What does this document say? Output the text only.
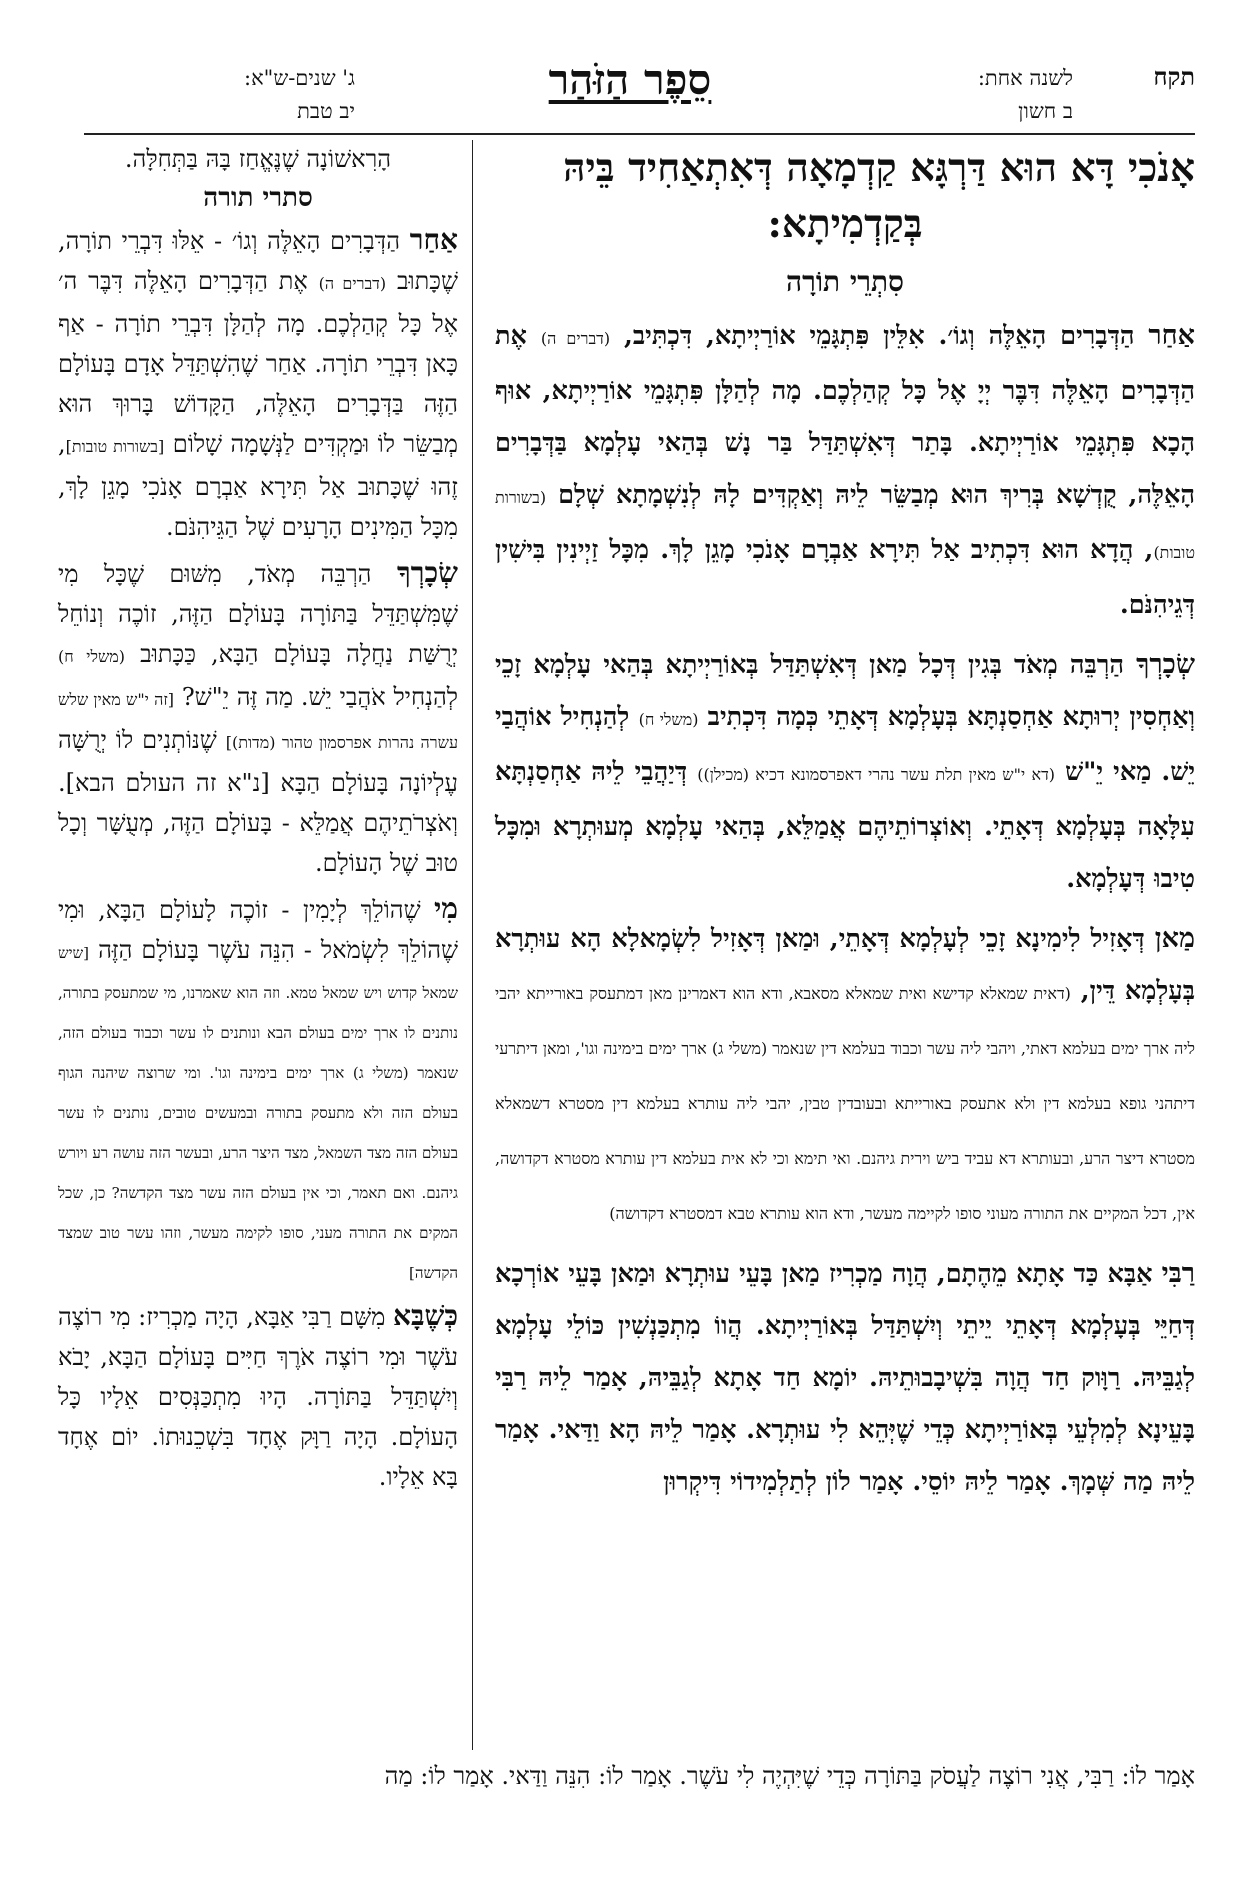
תקח
לשנה אחת:
ב חשון
סֵפֶר הַזֹּהַר
ג' שנים-ש"א:
יב טבת
אָנֹכִי דָּא הוּא דַּרְגָּא קַדְמָאָה דְּאִתְאַחִיד בֵּיהּ
בְּקַדְמִיתָא:
סִתְרֵי תוֹרָה

אַחַר הַדְּבָרִים הָאֵלֶּה וְגוֹ׳. אִלֵּין פִּתְגָּמֵי אוֹרַיְיתָא, דִּכְתִּיב, (דברים ה) אֶת הַדְּבָרִים הָאֵלֶּה דִּבֶּר יְיָ אֶל כָּל קְהַלְכֶם. מָה לְהַלָּן פִּתְגָּמֵי אוֹרַיְיתָא, אוּף הָכָא פִּתְגָּמֵי אוֹרַיְיתָא. בָּתַר דְּאִשְׁתַּדַּל בַּר נָשׁ בְּהַאי עָלְמָא בַּדְּבָרִים הָאֵלֶּה, קֻדְשָׁא בְּרִיךְ הוּא מְבַשֵּׂר לֵיהּ וְאַקְדִּים לָהּ לְנִשְׁמָתָא שְׁלָם (בשורות טובות), הֲדָא הוּא דִּכְתִיב אַל תִּירָא אַבְרָם אָנֹכִי מָגֵן לָךְ. מִכָּל זַיְינִין בִּישִׁין דְּגֵיהִנֹּם.

שְׂכָרְךָ הַרְבֵּה מְאֹד בְּגִין דְּכָל מַאן דְּאִשְׁתַּדַּל בְּאוֹרַיְיתָא בְּהַאי עָלְמָא זָכֵי וְאַחְסִין יְרוּתָא אַחְסַנְתָּא בְּעָלְמָא דְּאָתֵי כְּמָה דִּכְתִיב (משלי ח) לְהַנְחִיל אוֹהֲבַי יֵשׁ. מַאי יֵ"שׁ (דא י"ש מאין תלת עשר נהרי דאפרסמונא דכיא (מכילן)) דְּיַהֲבֵי לֵיהּ אַחְסַנְתָּא עִלָּאָה בְּעָלְמָא דְּאָתֵי. וְאוֹצְרוֹתֵיהֶם אֲמַלֵּא, בְּהַאי עָלְמָא מְעוּתְרָא וּמִכָּל טִיבוּ דְּעָלְמָא.

מַאן דְּאָזִיל לִימִינָא זָכֵי לְעָלְמָא דְּאָתֵי, וּמַאן דְּאָזִיל לִשְׂמָאלָא הָא עוּתְרָא בְּעָלְמָא דֵּין, (דאית שמאלא קדישא ואית שמאלא מסאבא, ודא הוא דאמרינן מאן דמתעסק באורייתא יהבי ליה ארך ימים בעלמא דאתי, ויהבי ליה עשר וכבוד בעלמא דין שנאמר (משלי ג) ארך ימים בימינה וגו', ומאן דיתרעי דיתהני גופא בעלמא דין ולא אתעסק באורייתא ובעובדין טבין, יהבי ליה עותרא בעלמא דין מסטרא דשמאלא מסטרא דיצר הרע, ובעותרא דא עביד ביש וירית גיהנם. ואי תימא וכי לא אית בעלמא דין עותרא מסטרא דקדושה, אין, דכל המקיים את התורה מעוני סופו לקיימה מעשר, ודא הוא עותרא טבא דמסטרא דקדושה)

רַבִּי אַבָּא כַּד אָתָא מֵהֶתָם, הֲוָה מַכְרִיז מַאן בָּעֵי עוּתְרָא וּמַאן בָּעֵי אוֹרְכָא דְּחַיֵּי בְּעָלְמָא דְּאָתֵי יֵיתֵי וְיִשְׁתַּדַּל בְּאוֹרַיְיתָא. הֲווֹ מִתְכַּנְשִׁין כּוֹלֵי עָלְמָא לְגַבֵּיהּ. רַוָּוק חַד הֲוָה בִּשְׁיבָבוּתֵיהּ. יוֹמָא חַד אָתָא לְגַבֵּיהּ, אָמַר לֵיהּ רַבִּי בָּעֵינָא לְמִלְעֵי בְּאוֹרַיְיתָא כְּדֵי שֶׁיְּהֵא לִי עוּתְרָא. אָמַר לֵיהּ הָא וַדַּאי. אָמַר לֵיהּ מַה שְּׁמָךְ. אָמַר לֵיהּ יוֹסֵי. אָמַר לוֹן לְתַלְמִידוֹי דִּיקְרוּן

הָרִאשׁוֹנָה שֶׁנֶּאֱחַז בָּהּ בַּתְּחִלָּה.
סתרי תורה

אַחַר הַדְּבָרִים הָאֵלֶּה וְגוֹ׳ - אֵלּוּ דִּבְרֵי תוֹרָה, שֶׁכָּתוּב (דברים ה) אֶת הַדְּבָרִים הָאֵלֶּה דִּבֶּר ה׳ אֶל כָּל קְהַלְכֶם. מָה לְהַלָּן דִּבְרֵי תוֹרָה - אַף כָּאן דִּבְרֵי תוֹרָה. אַחַר שֶׁהִשְׁתַּדֵּל אָדָם בָּעוֹלָם הַזֶּה בַּדְּבָרִים הָאֵלֶּה, הַקָּדוֹשׁ בָּרוּךְ הוּא מְבַשֵּׂר לוֹ וּמַקְדִּים לַנְּשָׁמָה שָׁלוֹם [בשורות טובות], זֶהוּ שֶׁכָּתוּב אַל תִּירָא אַבְרָם אָנֹכִי מָגֵן לָךְ, מִכָּל הַמִּינִים הָרָעִים שֶׁל הַגֵּיהִנֹּם.

שְׂכָרְךָ הַרְבֵּה מְאֹד, מִשּׁוּם שֶׁכָּל מִי שֶׁמִּשְׁתַּדֵּל בַּתּוֹרָה בָּעוֹלָם הַזֶּה, זוֹכֶה וְנוֹחֵל יְרֻשַּׁת נַחֲלָה בָּעוֹלָם הַבָּא, כַּכָּתוּב (משלי ח) לְהַנְחִיל אֹהֲבַי יֵשׁ. מַה זֶּה יֵ"שׁ? [זה י"ש מאין שלש עשרה נהרות אפרסמון טהור (מדות)] שֶׁנּוֹתְנִים לוֹ יְרֻשָּׁה עֶלְיוֹנָה בָּעוֹלָם הַבָּא [נ"א זה העולם הבא]. וְאֹצְרֹתֵיהֶם אֲמַלֵּא - בָּעוֹלָם הַזֶּה, מְעֻשָּׁר וְכָל טוּב שֶׁל הָעוֹלָם.

מִי שֶׁהוֹלֵךְ לְיָמִין - זוֹכֶה לָעוֹלָם הַבָּא, וּמִי שֶׁהוֹלֵךְ לִשְׂמֹאל - הִנֵּה עֹשֶׁר בָּעוֹלָם הַזֶּה [שיש שמאל קדוש ויש שמאל טמא. וזה הוא שאמרנו, מי שמתעסק בתורה, נותנים לו ארך ימים בעולם הבא ונותנים לו עשר וכבוד בעולם הזה, שנאמר (משלי ג) ארך ימים בימינה וגו'. ומי שרוצה שיהנה הגוף בעולם הזה ולא מתעסק בתורה ובמעשים טובים, נותנים לו עשר בעולם הזה מצד השמאל, מצד היצר הרע, ובעשר הזה עושה רע ויורש גיהנם. ואם תאמר, וכי אין בעולם הזה עשר מצד הקדשה? כן, שכל המקים את התורה מעני, סופו לקימה מעשר, וזהו עשר טוב שמצד הקדשה]

כְּשֶׁבָּא מִשָּׁם רַבִּי אַבָּא, הָיָה מַכְרִיז: מִי רוֹצֶה עֹשֶׁר וּמִי רוֹצֶה אֹרֶךְ חַיִּים בָּעוֹלָם הַבָּא, יָבֹא וְיִשְׁתַּדֵּל בַּתּוֹרָה. הָיוּ מִתְכַּנְּסִים אֵלָיו כָּל הָעוֹלָם. הָיָה רַוָּק אֶחָד בִּשְׁכֵנוּתוֹ. יוֹם אֶחָד בָּא אֵלָיו.

אָמַר לוֹ: רַבִּי, אֲנִי רוֹצֶה לַעֲסֹק בַּתּוֹרָה כְּדֵי שֶׁיִּהְיֶה לִי עֹשֶׁר. אָמַר לוֹ: הִנֵּה וַדַּאי. אָמַר לוֹ: מַה
